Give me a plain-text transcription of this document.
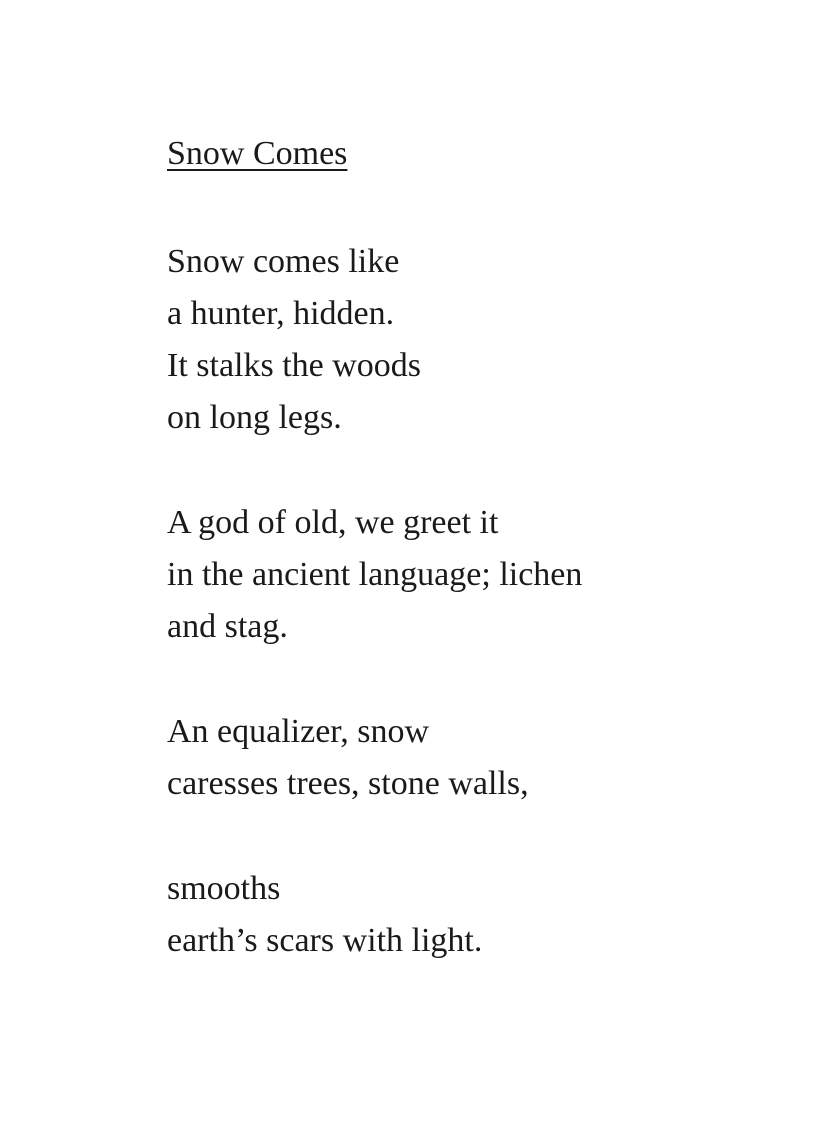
Snow Comes
Snow comes like
a hunter, hidden.
It stalks the woods
on long legs.
A god of old, we greet it
in the ancient language; lichen
and stag.
An equalizer, snow
caresses trees, stone walls,
smooths
earth’s scars with light.
